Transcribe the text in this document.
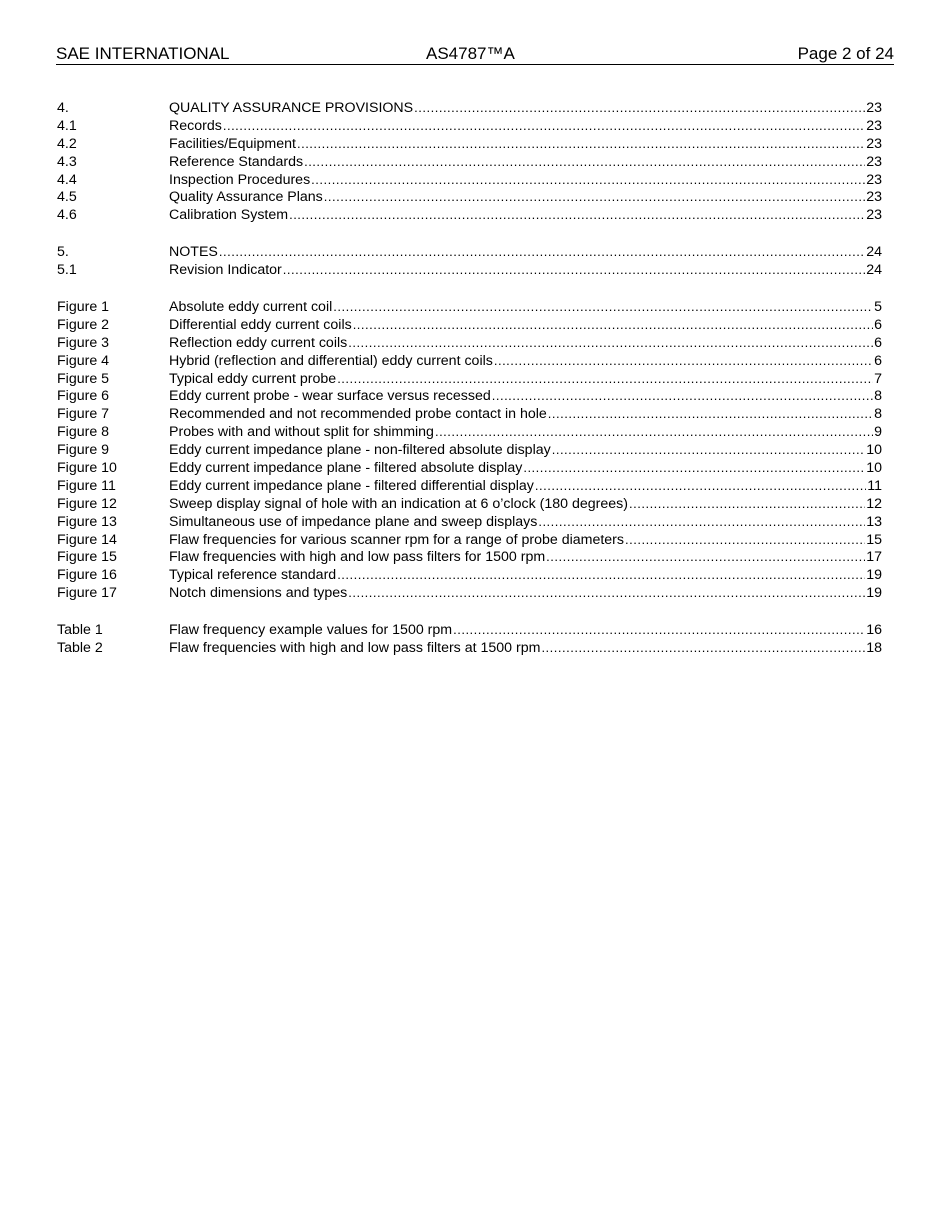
SAE INTERNATIONAL	AS4787™A	Page 2 of 24
4.	QUALITY ASSURANCE PROVISIONS .....	23
4.1	Records .....	23
4.2	Facilities/Equipment .....	23
4.3	Reference Standards .....	23
4.4	Inspection Procedures .....	23
4.5	Quality Assurance Plans .....	23
4.6	Calibration System .....	23
5.	NOTES .....	24
5.1	Revision Indicator .....	24
Figure 1	Absolute eddy current coil .....	5
Figure 2	Differential eddy current coils .....	6
Figure 3	Reflection eddy current coils .....	6
Figure 4	Hybrid (reflection and differential) eddy current coils .....	6
Figure 5	Typical eddy current probe .....	7
Figure 6	Eddy current probe - wear surface versus recessed .....	8
Figure 7	Recommended and not recommended probe contact in hole .....	8
Figure 8	Probes with and without split for shimming .....	9
Figure 9	Eddy current impedance plane - non-filtered absolute display .....	10
Figure 10	Eddy current impedance plane - filtered absolute display .....	10
Figure 11	Eddy current impedance plane - filtered differential display .....	11
Figure 12	Sweep display signal of hole with an indication at 6 o’clock (180 degrees) .....	12
Figure 13	Simultaneous use of impedance plane and sweep displays .....	13
Figure 14	Flaw frequencies for various scanner rpm for a range of probe diameters .....	15
Figure 15	Flaw frequencies with high and low pass filters for 1500 rpm .....	17
Figure 16	Typical reference standard .....	19
Figure 17	Notch dimensions and types .....	19
Table 1	Flaw frequency example values for 1500 rpm .....	16
Table 2	Flaw frequencies with high and low pass filters at 1500 rpm .....	18
